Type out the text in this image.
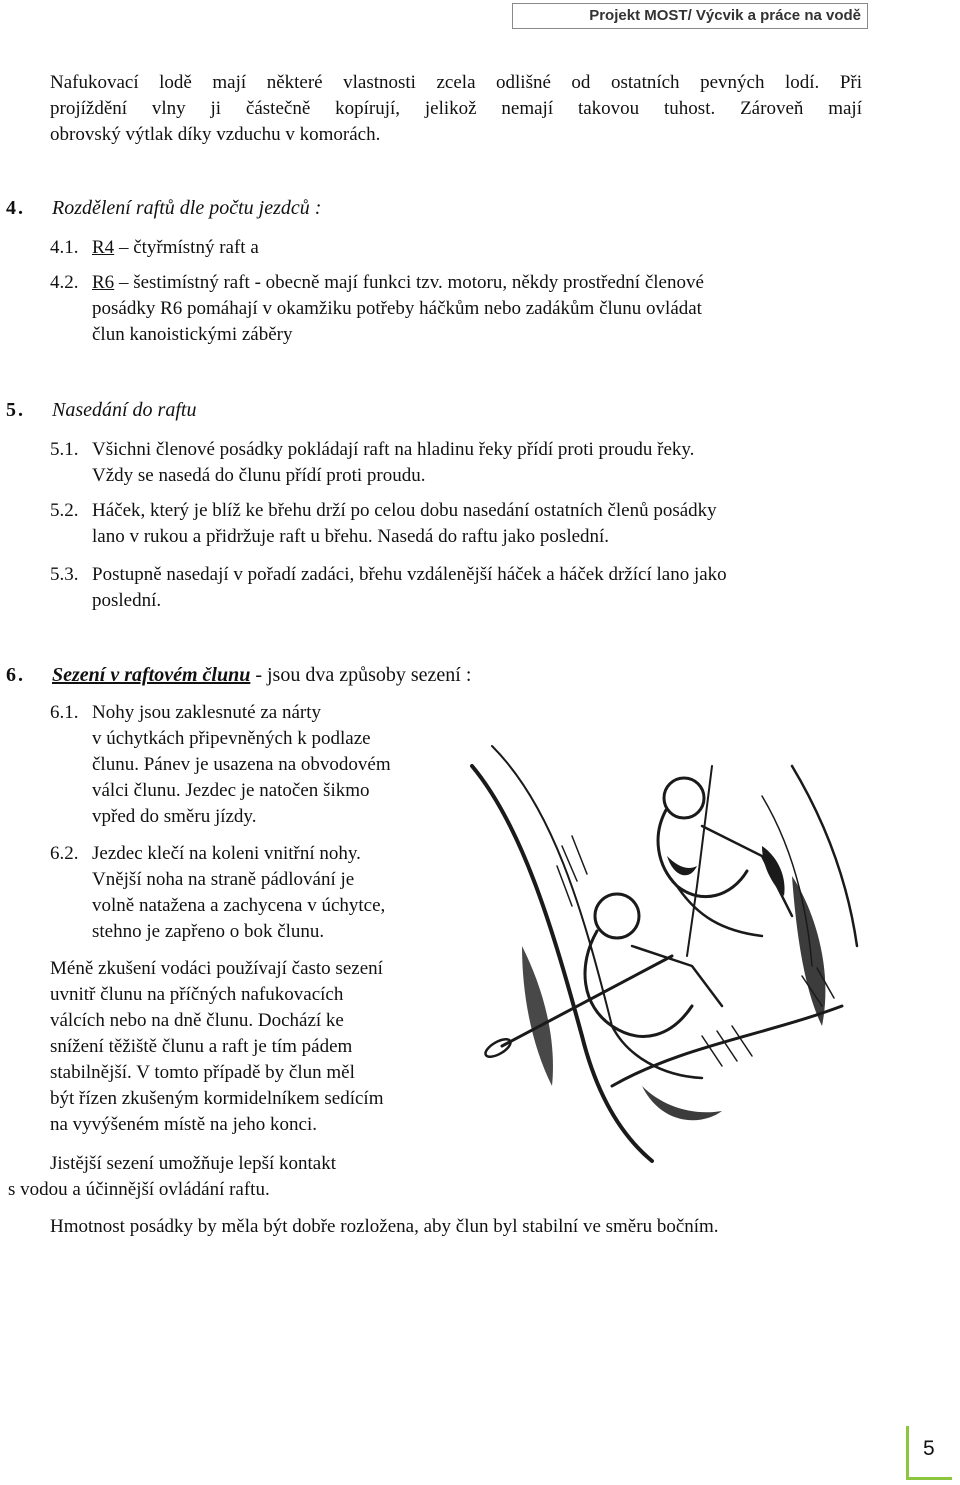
Projekt MOST/ Výcvik a práce na vodě
Nafukovací lodě mají některé vlastnosti zcela odlišné od ostatních pevných lodí. Při
projíždění vlny ji částečně kopírují, jelikož nemají takovou tuhost. Zároveň mají
obrovský výtlak díky vzduchu v komorách.
4. Rozdělení raftů dle počtu jezdců :
4.1. R4 – čtyřmístný raft a
4.2. R6 – šestimístný raft - obecně mají funkci tzv. motoru, někdy prostřední členové
posádky R6 pomáhají v okamžiku potřeby háčkům nebo zadákům člunu ovládat
člun kanoistickými záběry
5. Nasedání do raftu
5.1. Všichni členové posádky pokládají raft na hladinu řeky přídí proti proudu řeky.
Vždy se nasedá do člunu přídí proti proudu.
5.2. Háček, který je blíž ke břehu drží po celou dobu nasedání ostatních členů posádky
lano v rukou a přidržuje raft u břehu. Nasedá do raftu jako poslední.
5.3. Postupně nasedají v pořadí zadáci, břehu vzdálenější háček a háček držící lano jako
poslední.
6. Sezení v raftovém člunu - jsou dva způsoby sezení :
6.1. Nohy jsou zaklesnuté za nárty
v úchytkách připevněných k podlaze
člunu. Pánev je usazena na obvodovém
válci člunu. Jezdec je natočen šikmo
vpřed do směru jízdy.
6.2. Jezdec klečí na koleni vnitřní nohy.
Vnější noha na straně pádlování je
volně natažena a zachycena v úchytce,
stehno je zapřeno o bok člunu.
Méně zkušení vodáci používají často sezení
uvnitř člunu na příčných nafukovacích
válcích nebo na dně člunu. Dochází ke
snížení těžiště člunu a raft je tím pádem
stabilnější. V tomto případě by člun měl
být řízen zkušeným kormidelníkem sedícím
na vyvýšeném místě na jeho konci.
Jistější sezení umožňuje lepší kontakt
s vodou a účinnější ovládání raftu.
Hmotnost posádky by měla být dobře rozložena, aby člun byl stabilní ve směru bočním.
5
